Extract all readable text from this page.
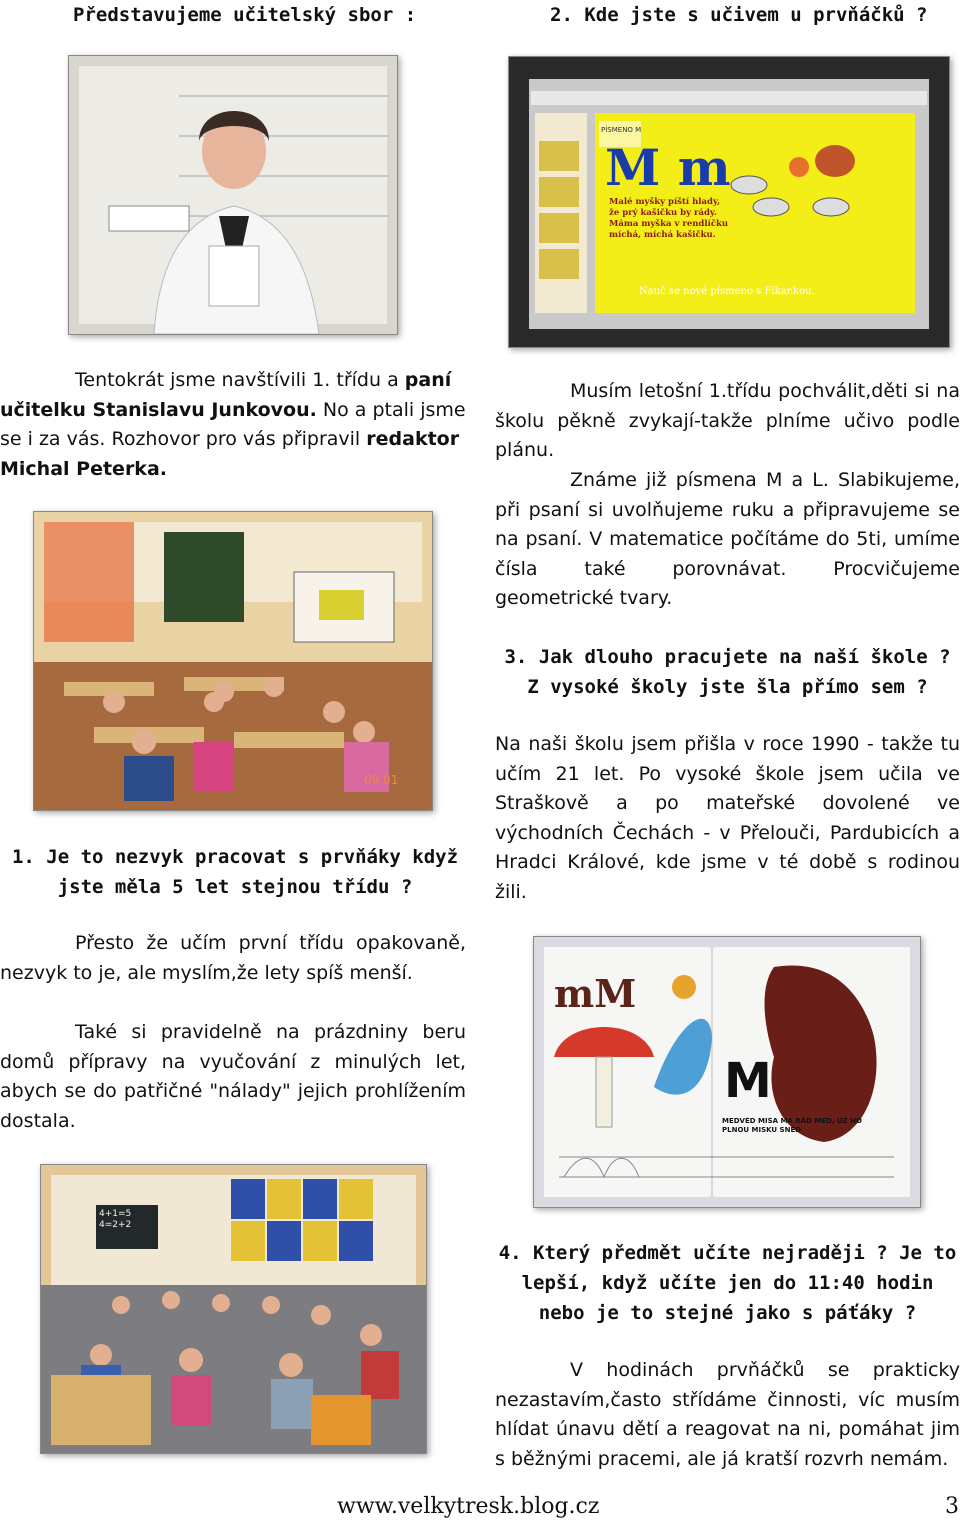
Představujeme učitelský sbor :	2. Kde jste s učivem u prvňáčků ?
PÍSMENO M
M m
Malé myšky píští hlady, že prý kašičku by rády. Máma myška v rendlíčku míchá, míchá kašičku.
Nauč se nové písmeno s Fikankou.
Tentokrát jsme navštívili 1. třídu a paní učitelku Stanislavu Junkovou. No a ptali jsme se i za vás. Rozhovor pro vás připravil redaktor Michal Peterka.
Musím letošní 1.třídu pochválit,děti si na školu pěkně zvykají-takže plníme učivo podle plánu.
Známe již písmena M a L. Slabikujeme, při psaní si uvolňujeme ruku a připravujeme se na psaní. V matematice počítáme do 5ti, umíme čísla také porovnávat. Procvičujeme geometrické tvary.
09.01
3. Jak dlouho pracujete na naší škole ? Z vysoké školy jste šla přímo sem ?
Na naši školu jsem přišla v roce 1990 - takže tu učím 21 let. Po vysoké škole jsem učila ve Straškově a po mateřské dovolené ve východních Čechách - v Přelouči, Pardubicích a Hradci Králové, kde jsme v té době s rodinou žili.
1. Je to nezvyk pracovat s prvňáky když jste měla 5 let stejnou třídu ?
Přesto že učím první třídu opakovaně, nezvyk to je, ale myslím,že lety spíš menší.
Také si pravidelně na prázdniny beru domů přípravy na vyučování z minulých let, abych se do patřičné "nálady" jejich prohlížením dostala.
mM
M
MEDVĚD MÍŠA MÁ RÁD MED, UŽ HO PLNOU MISKU SNĚD
4+1=5 4=2+2
4. Který předmět učíte nejraději ? Je to lepší, když učíte jen do 11:40 hodin nebo je to stejné jako s páťáky ?
V hodinách prvňáčků se prakticky nezastavím,často střídáme činnosti, víc musím hlídat únavu dětí a reagovat na ni, pomáhat jim s běžnými pracemi, ale já kratší rozvrh nemám.
www.velkytresk.blog.cz	3
